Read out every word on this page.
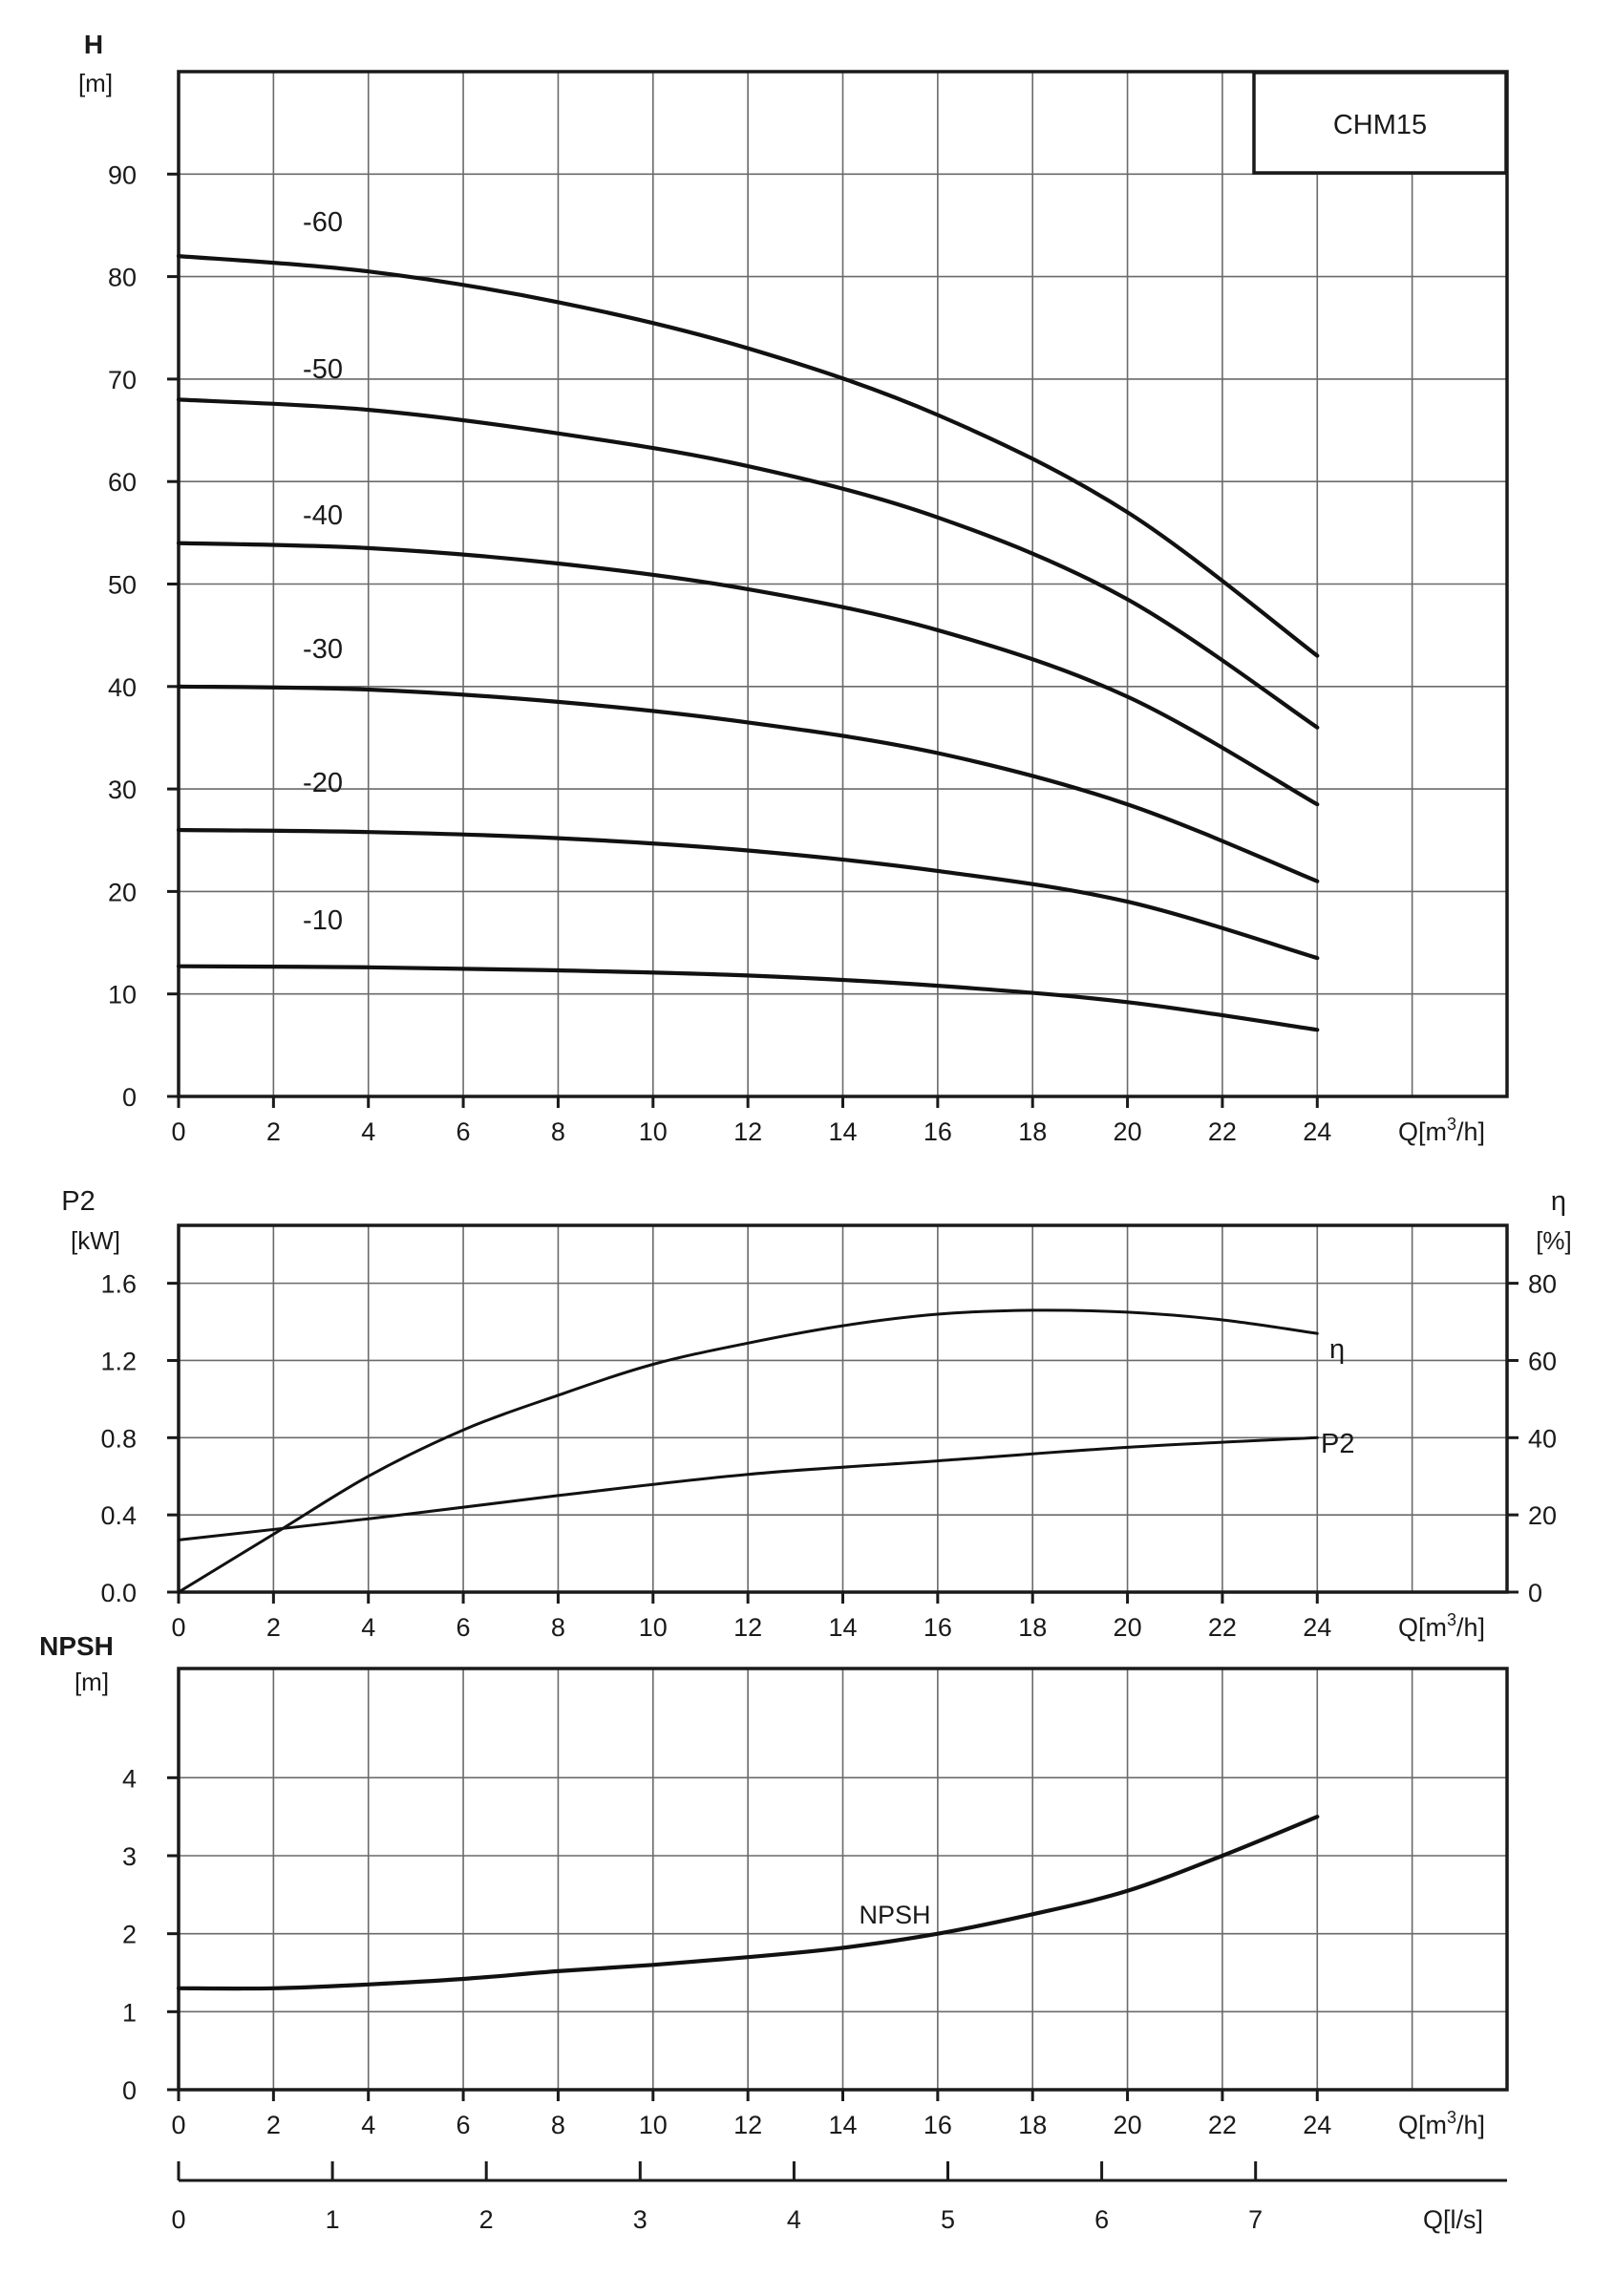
0
10
20
30
40
50
60
70
80
90
0	2	4	6	8	10	12	14	16	18	20	22	24
CHM15
H
[m]
-60
-50
-40
-30
-20
-10
$Q[m^3/h]$
0.0
0.4
0.8
1.2
1.6
0	2	4	6	8	10	12	14	16	18	20	22	24
0
20
40
60
80
P2
[kW]
η
[%]
η
P2
$Q[m^3/h]$
0
1
2
3
4
0	2	4	6	8	10	12	14	16	18	20	22	24
NPSH
[m]
NPSH
$Q[m^3/h]$
0	1	2	3	4	5	6	7	Q[l/s]
